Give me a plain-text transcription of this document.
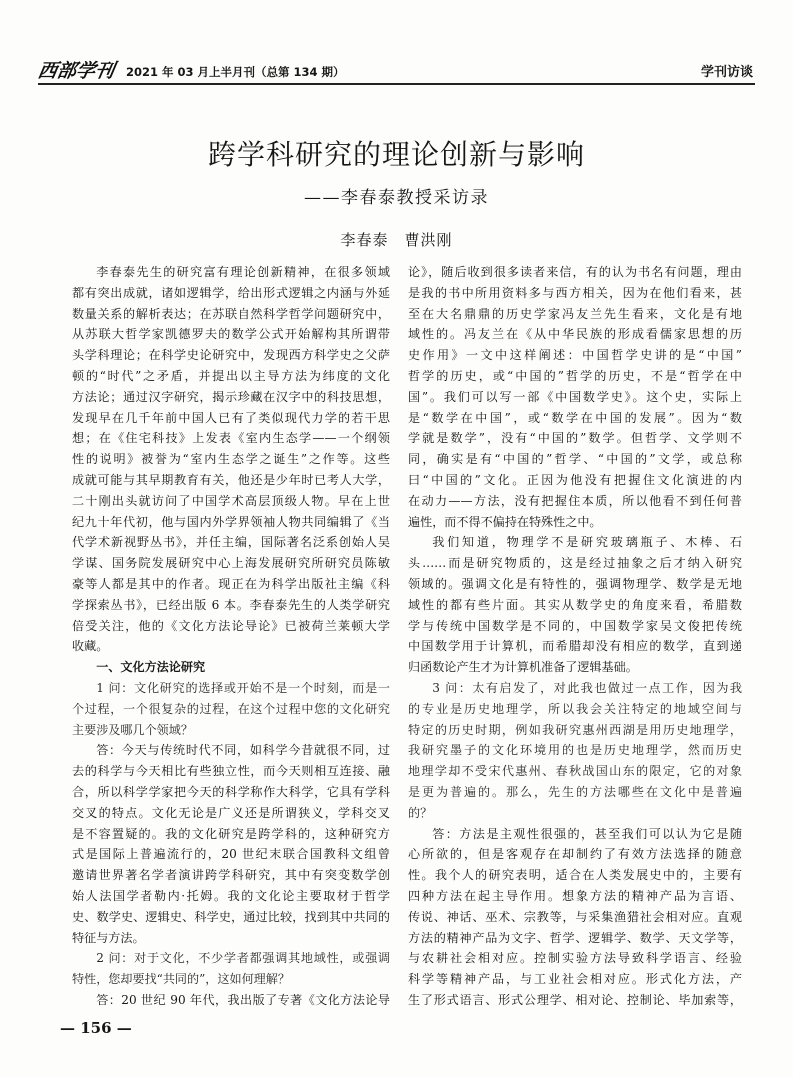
西部学刊 2021 年 03 月上半月刊（总第 134 期）	学刊访谈
跨学科研究的理论创新与影响
——李春泰教授采访录
李春泰　曹洪刚
李春泰先生的研究富有理论创新精神，在很多领域
都有突出成就，诸如逻辑学，给出形式逻辑之内涵与外延
数量关系的解析表达；在苏联自然科学哲学问题研究中，
从苏联大哲学家凯德罗夫的数学公式开始解构其所谓带
头学科理论；在科学史论研究中，发现西方科学史之父萨
顿的“时代”之矛盾，并提出以主导方法为纬度的文化
方法论；通过汉字研究，揭示珍藏在汉字中的科技思想，
发现早在几千年前中国人已有了类似现代力学的若干思
想；在《住宅科技》上发表《室内生态学——一个纲领
性的说明》被誉为“室内生态学之诞生”之作等。这些
成就可能与其早期教育有关，他还是少年时已考人大学，
二十刚出头就访问了中国学术高层顶级人物。早在上世
纪九十年代初，他与国内外学界领袖人物共同编辑了《当
代学术新视野丛书》，并任主编，国际著名泛系创始人吴
学谋、国务院发展研究中心上海发展研究所研究员陈敏
豪等人都是其中的作者。现正在为科学出版社主编《科
学探索丛书》，已经出版 6 本。李春泰先生的人类学研究
倍受关注，他的《文化方法论导论》已被荷兰莱顿大学
收藏。
一、文化方法论研究
1 问：文化研究的选择或开始不是一个时刻，而是一
个过程，一个很复杂的过程，在这个过程中您的文化研究
主要涉及哪几个领域？
答：今天与传统时代不同，如科学今昔就很不同，过
去的科学与今天相比有些独立性，而今天则相互连接、融
合，所以科学学家把今天的科学称作大科学，它具有学科
交叉的特点。文化无论是广义还是所谓狭义，学科交叉
是不容置疑的。我的文化研究是跨学科的，这种研究方
式是国际上普遍流行的，20 世纪末联合国教科文组曾
邀请世界著名学者演讲跨学科研究，其中有突变数学创
始人法国学者勒内·托姆。我的文化论主要取材于哲学
史、数学史、逻辑史、科学史，通过比较，找到其中共同的
特征与方法。
2 问：对于文化，不少学者都强调其地域性，或强调
特性，您却要找“共同的”，这如何理解？
答：20 世纪 90 年代，我出版了专著《文化方法论导
论》，随后收到很多读者来信，有的认为书名有问题，理由
是我的书中所用资料多与西方相关，因为在他们看来，甚
至在大名鼎鼎的历史学家冯友兰先生看来，文化是有地
域性的。冯友兰在《从中华民族的形成看儒家思想的历
史作用》一文中这样阐述：中国哲学史讲的是“中国”
哲学的历史，或“中国的”哲学的历史，不是“哲学在中
国”。我们可以写一部《中国数学史》。这个史，实际上
是“数学在中国”，或“数学在中国的发展”。因为“数
学就是数学”，没有“中国的”数学。但哲学、文学则不
同，确实是有“中国的”哲学、“中国的”文学，或总称
曰“中国的”文化。正因为他没有把握住文化演进的内
在动力——方法，没有把握住本质，所以他看不到任何普
遍性，而不得不偏持在特殊性之中。
我们知道，物理学不是研究玻璃瓶子、木棒、石
头……而是研究物质的，这是经过抽象之后才纳入研究
领域的。强调文化是有特性的，强调物理学、数学是无地
域性的都有些片面。其实从数学史的角度来看，希腊数
学与传统中国数学是不同的，中国数学家吴文俊把传统
中国数学用于计算机，而希腊却没有相应的数学，直到递
归函数论产生才为计算机准备了逻辑基础。
3 问：太有启发了，对此我也做过一点工作，因为我
的专业是历史地理学，所以我会关注特定的地域空间与
特定的历史时期，例如我研究惠州西湖是用历史地理学，
我研究墨子的文化环境用的也是历史地理学，然而历史
地理学却不受宋代惠州、春秋战国山东的限定，它的对象
是更为普遍的。那么，先生的方法哪些在文化中是普遍
的？
答：方法是主观性很强的，甚至我们可以认为它是随
心所欲的，但是客观存在却制约了有效方法选择的随意
性。我个人的研究表明，适合在人类发展史中的，主要有
四种方法在起主导作用。想象方法的精神产品为言语、
传说、神话、巫术、宗教等，与采集渔猎社会相对应。直观
方法的精神产品为文字、哲学、逻辑学、数学、天文学等，
与农耕社会相对应。控制实验方法导致科学语言、经验
科学等精神产品，与工业社会相对应。形式化方法，产
生了形式语言、形式公理学、相对论、控制论、毕加索等，
— 156 —
